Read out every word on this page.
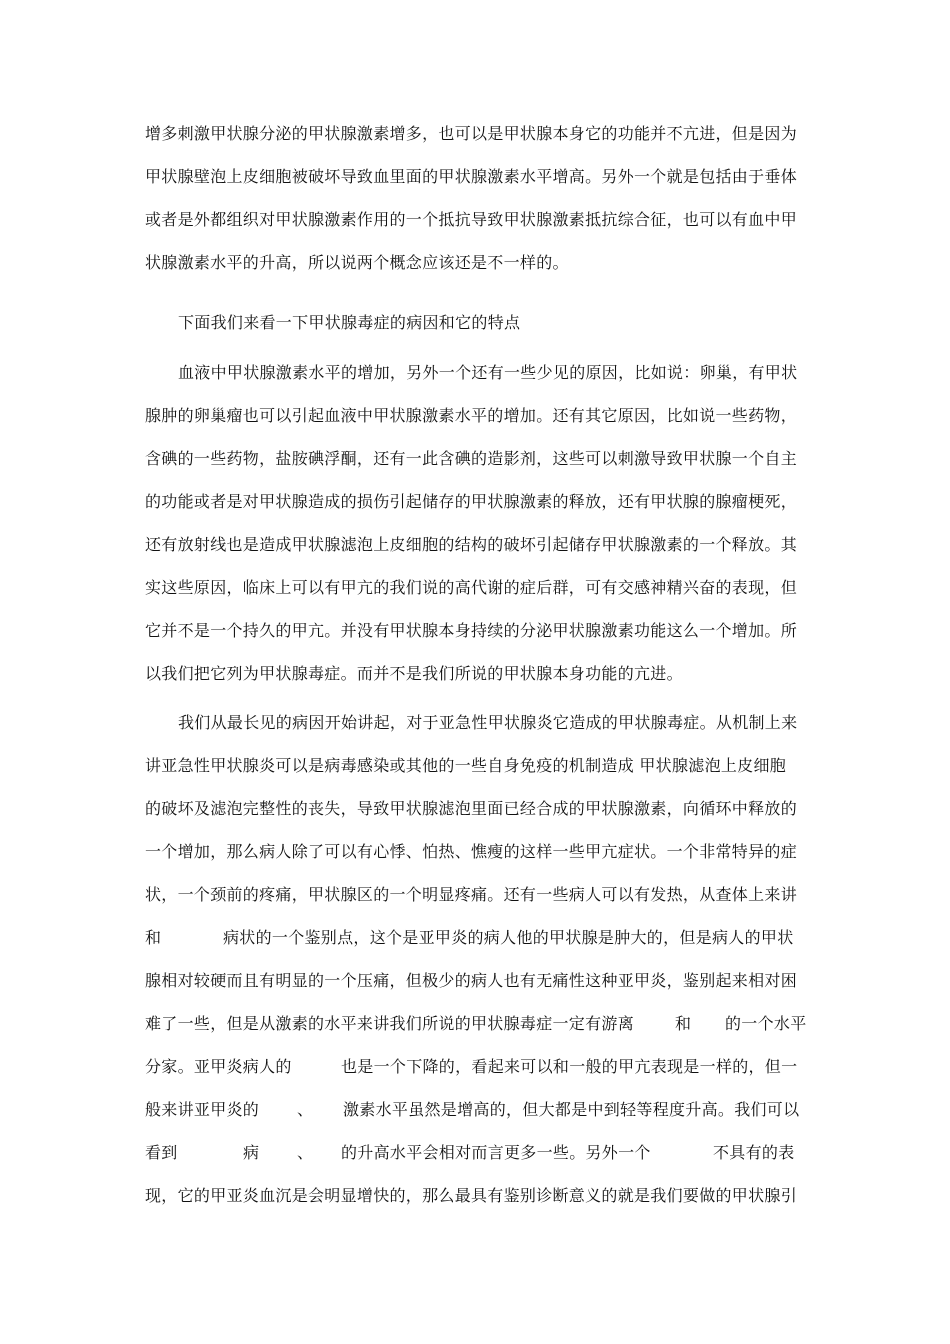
增多刺激甲状腺分泌的甲状腺激素增多，也可以是甲状腺本身它的功能并不亢进，但是因为
甲状腺壁泡上皮细胞被破坏导致血里面的甲状腺激素水平增高。另外一个就是包括由于垂体
或者是外都组织对甲状腺激素作用的一个抵抗导致甲状腺激素抵抗综合征，也可以有血中甲
状腺激素水平的升高，所以说两个概念应该还是不一样的。
下面我们来看一下甲状腺毒症的病因和它的特点
血液中甲状腺激素水平的增加，另外一个还有一些少见的原因，比如说：卵巢，有甲状
腺肿的卵巢瘤也可以引起血液中甲状腺激素水平的增加。还有其它原因，比如说一些药物，
含碘的一些药物，盐胺碘浮酮，还有一此含碘的造影剂，这些可以刺激导致甲状腺一个自主
的功能或者是对甲状腺造成的损伤引起储存的甲状腺激素的释放，还有甲状腺的腺瘤梗死，
还有放射线也是造成甲状腺滤泡上皮细胞的结构的破坏引起储存甲状腺激素的一个释放。其
实这些原因，临床上可以有甲亢的我们说的高代谢的症后群，可有交感神精兴奋的表现，但
它并不是一个持久的甲亢。并没有甲状腺本身持续的分泌甲状腺激素功能这么一个增加。所
以我们把它列为甲状腺毒症。而并不是我们所说的甲状腺本身功能的亢进。
我们从最长见的病因开始讲起，对于亚急性甲状腺炎它造成的甲状腺毒症。从机制上来
讲亚急性甲状腺炎可以是病毒感染或其他的一些自身免疫的机制造成 甲状腺滤泡上皮细胞
的破坏及滤泡完整性的丧失，导致甲状腺滤泡里面已经合成的甲状腺激素，向循环中释放的
一个增加，那么病人除了可以有心悸、怕热、憔瘦的这样一些甲亢症状。一个非常特异的症
状，一个颈前的疼痛，甲状腺区的一个明显疼痛。还有一些病人可以有发热，从查体上来讲
和	病状的一个鉴别点，这个是亚甲炎的病人他的甲状腺是肿大的，但是病人的甲状
腺相对较硬而且有明显的一个压痛，但极少的病人也有无痛性这种亚甲炎，鉴别起来相对困
难了一些，但是从激素的水平来讲我们所说的甲状腺毒症一定有游离	和 的一个水平
分家。亚甲炎病人的	也是一个下降的，看起来可以和一般的甲亢表现是一样的，但一
般来讲亚甲炎的 、 激素水平虽然是增高的，但大都是中到轻等程度升高。我们可以
看到	病 、 的升高水平会相对而言更多一些。另外一个	不具有的表
现，它的甲亚炎血沉是会明显增快的，那么最具有鉴别诊断意义的就是我们要做的甲状腺引
